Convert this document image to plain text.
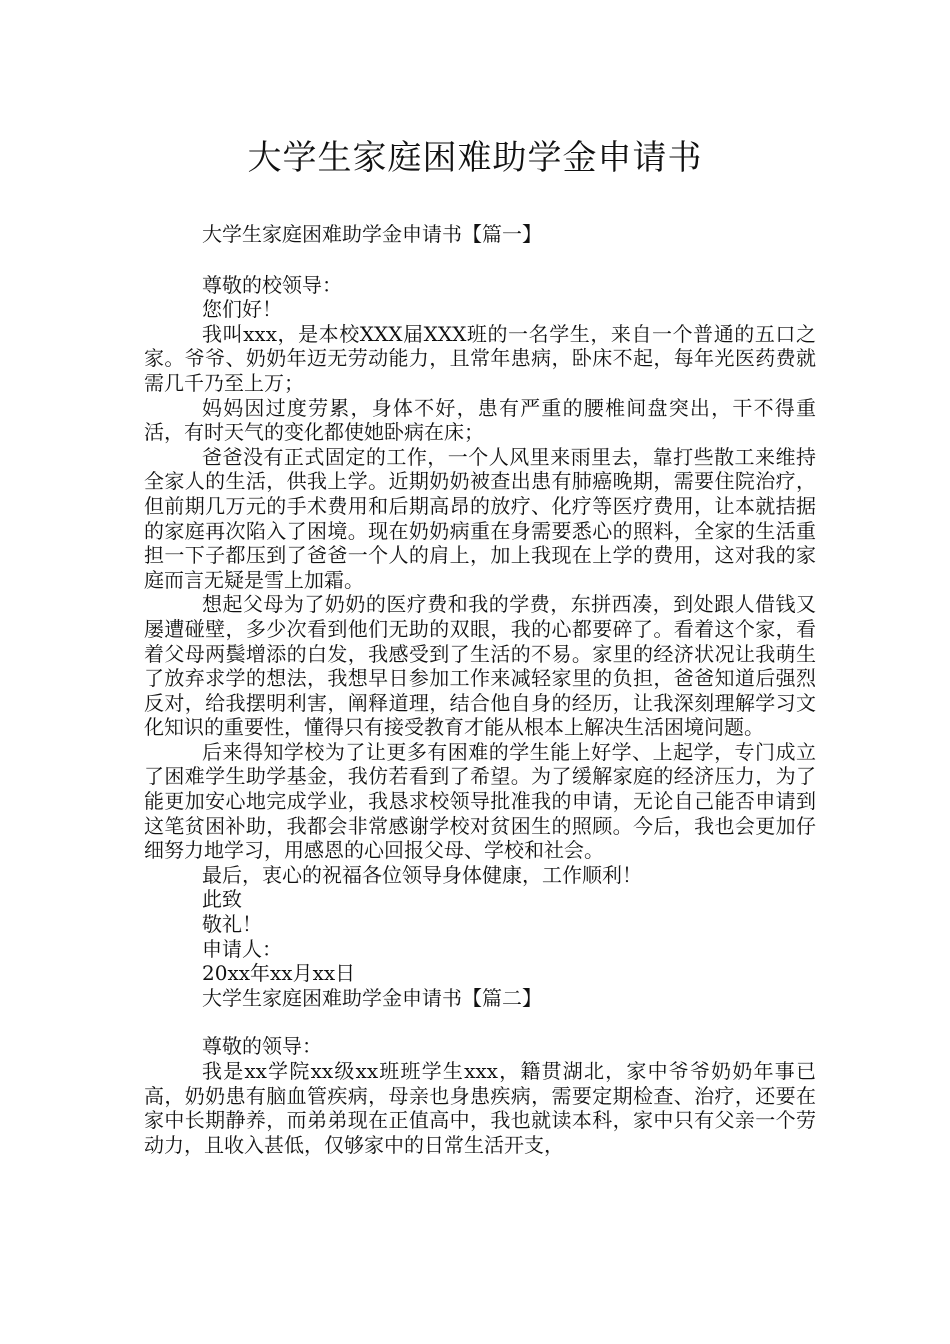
大学生家庭困难助学金申请书

大学生家庭困难助学金申请书【篇一】

尊敬的校领导：

您们好！

我叫xxx，是本校XXX届XXX班的一名学生，来自一个普通的五口之家。爷爷、奶奶年迈无劳动能力，且常年患病，卧床不起，每年光医药费就需几千乃至上万；

妈妈因过度劳累，身体不好，患有严重的腰椎间盘突出，干不得重活，有时天气的变化都使她卧病在床；

爸爸没有正式固定的工作，一个人风里来雨里去，靠打些散工来维持全家人的生活，供我上学。近期奶奶被查出患有肺癌晚期，需要住院治疗，但前期几万元的手术费用和后期高昂的放疗、化疗等医疗费用，让本就拮据的家庭再次陷入了困境。现在奶奶病重在身需要悉心的照料，全家的生活重担一下子都压到了爸爸一个人的肩上，加上我现在上学的费用，这对我的家庭而言无疑是雪上加霜。

想起父母为了奶奶的医疗费和我的学费，东拼西凑，到处跟人借钱又屡遭碰壁，多少次看到他们无助的双眼，我的心都要碎了。看着这个家，看着父母两鬓增添的白发，我感受到了生活的不易。家里的经济状况让我萌生了放弃求学的想法，我想早日参加工作来减轻家里的负担，爸爸知道后强烈反对，给我摆明利害，阐释道理，结合他自身的经历，让我深刻理解学习文化知识的重要性，懂得只有接受教育才能从根本上解决生活困境问题。

后来得知学校为了让更多有困难的学生能上好学、上起学，专门成立了困难学生助学基金，我仿若看到了希望。为了缓解家庭的经济压力，为了能更加安心地完成学业，我恳求校领导批准我的申请，无论自己能否申请到这笔贫困补助，我都会非常感谢学校对贫困生的照顾。今后，我也会更加仔细努力地学习，用感恩的心回报父母、学校和社会。

最后，衷心的祝福各位领导身体健康，工作顺利！

此致

敬礼！

申请人：

20xx年xx月xx日

大学生家庭困难助学金申请书【篇二】

尊敬的领导：

我是xx学院xx级xx班班学生xxx，籍贯湖北，家中爷爷奶奶年事已高，奶奶患有脑血管疾病，母亲也身患疾病，需要定期检查、治疗，还要在家中长期静养，而弟弟现在正值高中，我也就读本科，家中只有父亲一个劳动力，且收入甚低，仅够家中的日常生活开支，
